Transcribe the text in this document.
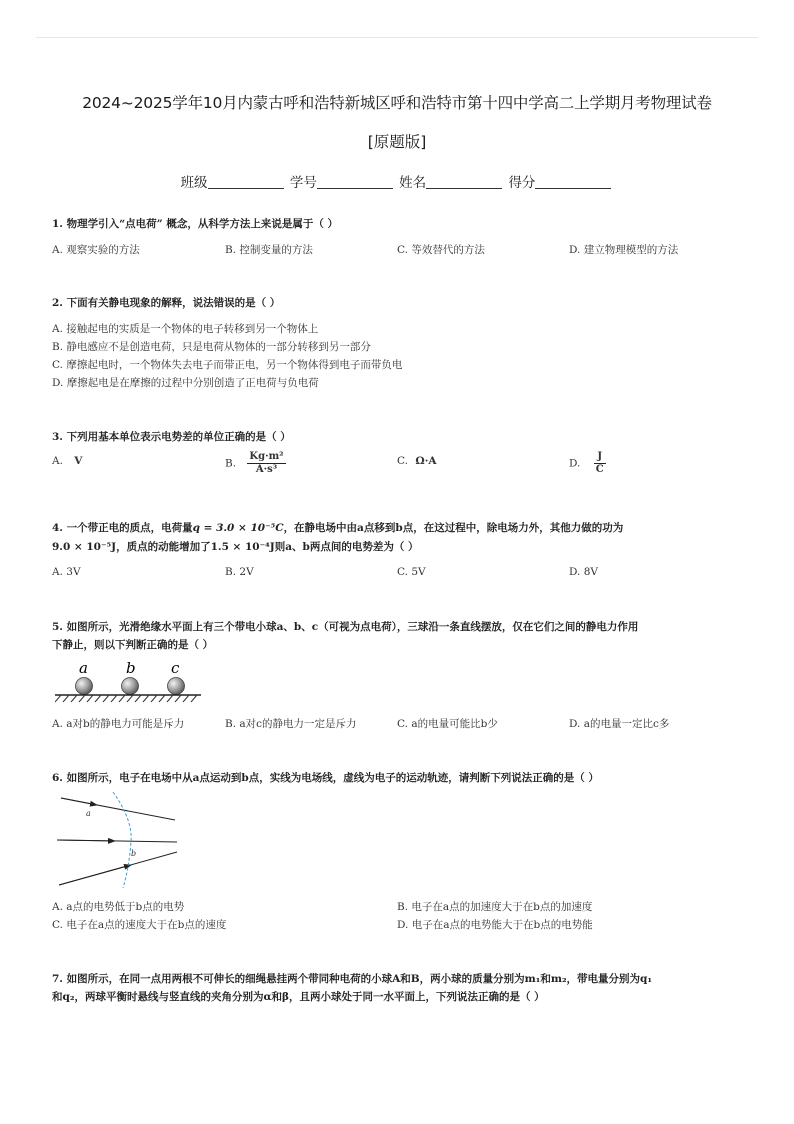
2024~2025学年10月内蒙古呼和浩特新城区呼和浩特市第十四中学高二上学期月考物理试卷
[原题版]
班级	学号	姓名	得分
1. 物理学引入“点电荷” 概念，从科学方法上来说是属于（ ）
A. 观察实验的方法	B. 控制变量的方法	C. 等效替代的方法	D. 建立物理模型的方法
2. 下面有关静电现象的解释，说法错误的是（ ）
A. 接触起电的实质是一个物体的电子转移到另一个物体上
B. 静电感应不是创造电荷，只是电荷从物体的一部分转移到另一部分
C. 摩擦起电时，一个物体失去电子而带正电，另一个物体得到电子而带负电
D. 摩擦起电是在摩擦的过程中分别创造了正电荷与负电荷
3. 下列用基本单位表示电势差的单位正确的是（ ）
A. V	B. $\frac{\text{Kg·m²}}{\text{A·s³}}$	C. Ω·A	D. $\frac{J}{C}$
4. 一个带正电的质点，电荷量q = 3.0 × 10⁻⁵C，在静电场中由a点移到b点，在这过程中，除电场力外，其他力做的功为
9.0 × 10⁻⁵J，质点的动能增加了1.5 × 10⁻⁴J则a、b两点间的电势差为（ ）
A. 3V	B. 2V	C. 5V	D. 8V
5. 如图所示，光滑绝缘水平面上有三个带电小球a、b、c（可视为点电荷），三球沿一条直线摆放，仅在它们之间的静电力作用
下静止，则以下判断正确的是（ ）
a	b c
A. a对b的静电力可能是斥力	B. a对c的静电力一定是斥力	C. a的电量可能比b少	D. a的电量一定比c多
6. 如图所示，电子在电场中从a点运动到b点，实线为电场线，虚线为电子的运动轨迹，请判断下列说法正确的是（ ）
a
b
A. a点的电势低于b点的电势	B. 电子在a点的加速度大于在b点的加速度
C. 电子在a点的速度大于在b点的速度	D. 电子在a点的电势能大于在b点的电势能
7. 如图所示，在同一点用两根不可伸长的细绳悬挂两个带同种电荷的小球A和B，两小球的质量分别为m₁和m₂，带电量分别为q₁
和q₂，两球平衡时悬线与竖直线的夹角分别为α和β，且两小球处于同一水平面上，下列说法正确的是（ ）
